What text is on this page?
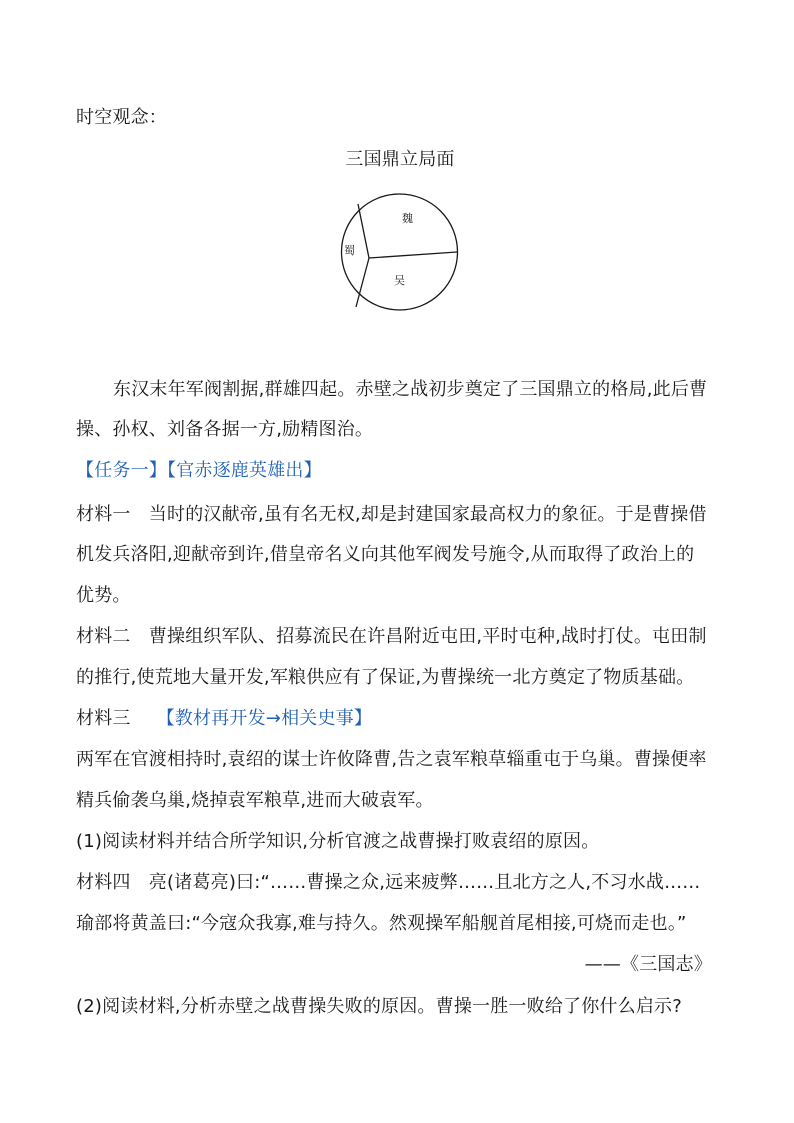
时空观念：
三国鼎立局面
魏
蜀
吴
东汉末年军阀割据,群雄四起。赤壁之战初步奠定了三国鼎立的格局,此后曹
操、孙权、刘备各据一方,励精图治。
【任务一】【官赤逐鹿英雄出】
材料一　当时的汉献帝,虽有名无权,却是封建国家最高权力的象征。于是曹操借
机发兵洛阳,迎献帝到许,借皇帝名义向其他军阀发号施令,从而取得了政治上的
优势。
材料二　曹操组织军队、招募流民在许昌附近屯田,平时屯种,战时打仗。屯田制
的推行,使荒地大量开发,军粮供应有了保证,为曹操统一北方奠定了物质基础。
材料三 【教材再开发→相关史事】
两军在官渡相持时,袁绍的谋士许攸降曹,告之袁军粮草辎重屯于乌巢。曹操便率
精兵偷袭乌巢,烧掉袁军粮草,进而大破袁军。
(1)阅读材料并结合所学知识,分析官渡之战曹操打败袁绍的原因。
材料四　亮(诸葛亮)曰:“……曹操之众,远来疲弊……且北方之人,不习水战……
瑜部将黄盖曰:“今寇众我寡,难与持久。然观操军船舰首尾相接,可烧而走也。”
——《三国志》
(2)阅读材料,分析赤壁之战曹操失败的原因。曹操一胜一败给了你什么启示?
